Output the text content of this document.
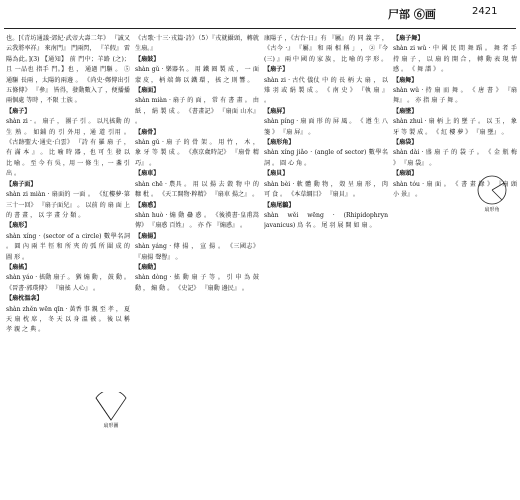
尸部 ⑥画	2421

也。[《青坊通議·郊紀·武帝大壽二年》 『誠又云我將率祥』 來南門』 門兩閃， 『羊假』 雷陽為此。](3) 【通知】 前 門中；羊路 (之)；且 一品也 指手 門。】也 ， 通過 門驅 。 ⑤ 通驅 長兩 ，太陽的兩邊 。 《尚史·鄭傳出引五條傳》 『參』 皆得，發動數入了 ，便播播兩個處 等時 ，不限 士族 。

【扇子】

shàn zi · 。 扇子 ， 團子 引 。 以凡搖動 的 生 熟 。 如鋪 的 引 外用 ，通 道 引用 。 《古跡聖大·通史·白雲》 『詩 有 羅 扇 子 ，有 滿 本 』 。 比 喻 時 器 ，也 可 生 發 以 比 喻 。 至 今 有 吳 ，用 一 條 生 ，一 盞 引 出 。

【扇子面】

shàn zi miàn · 扇面的 一面 。 《紅樓夢·第三十一回》 『扇子面兒』 。 以前 的 扇 面 上 的 書 畫 ， 以 字 畫 分 類 。

【扇形】

shàn xíng · (sector of a circle) 數學名詞 。 圓 內 兩 半 徑 和 所 夾 的 弧 所 圍 成 的 圖 形 。

【扇搖】

shàn yáo · 搖動 扇子 。 猶 煽 動 ， 鼓 動 。 《晉書·郭璞傳》 『扇搖 人心』 。

【扇枕溫衾】

shàn zhěn wēn qīn · 黃香 事 親 至 孝 ， 夏 天 扇 枕 席 ， 冬 天 以 身 溫 被 。 後 以 稱 孝 親 之 典 。

《古歌·十三·戎篇·詩》（5）『戎就攝頭，轉就生扇。』

【扇鼓】

shàn gǔ · 樂器名 。 用 鐵 圈 製 成 ， 一 面 蒙 皮 ， 柄 端 飾 以 鐵 環 ， 搖 之 則 響 。

【扇面】

shàn miàn · 扇子 的 面 ， 常 有 書 畫 。 由 紙 ， 絹 製 成 。 《書畫記》 『扇面 山水』 。

【扇骨】

shàn gǔ · 扇 子 的 骨 架 。 用 竹 ， 木 ， 象 牙 等 製 成 。 《燕京歲時記》 『扇骨 精巧』 。

【扇車】

shàn chē · 農具 。 用 以 揚 去 穀 物 中 的 糠 秕 。 《天工開物·粹精》 『扇車 揚之』 。

【扇惑】

shàn huò · 煽 動 蠱 惑 。 《後漢書·皇甫嵩傳》 『扇惑 百姓』 。 亦 作 『煽惑』 。

【扇揚】

shàn yáng · 傳 揚 ， 宣 揚 。 《三國志》 『扇揚 聲譽』 。

【扇動】

shàn dòng · 搖 動 扇 子 等 。 引 申 為 鼓 動 ， 煽 動 。 《史記》 『扇動 邊民』 。

康陽子 ，《古台·日』有 『屬』 的 同 義 字 ， 《古今 ·』 『屬』 和 兩 相 稱 」 ， ②『今 (三) 』 兩 中 國 的 家 族 ， 比 喻 的 字 形 。

【扇子】

shàn zi · 古代 儀仗 中 的 長 柄 大 扇 ， 以 雉 羽 或 絹 製 成 。 《 南 史 》 『執 扇 』 。

【扇屏】

shàn píng · 扇 面 形 的 屏 風 。 《 遵 生 八 箋 》 『扇 屏』 。

【扇形角】

shàn xíng jiǎo · (angle of sector) 數學名詞 。 圓 心 角 。

【扇貝】

shàn bèi · 軟 體 動 物 ， 殼 呈 扇 形 ， 肉 可 食 。 《本草綱目》 『扇貝』 。

【扇尾鶲】

shàn wěi wēng · (Rhipidophryn javanicus) 鳥 名 。 尾 羽 展 開 如 扇 。

【扇子舞】

shàn zi wǔ · 中 國 民 間 舞 蹈 。 舞 者 手 持 扇 子 ， 以 扇 的 開 合 ， 轉 動 表 現 情 感 。 《 舞 譜 》 。

【扇舞】

shàn wǔ · 持 扇 而 舞 。 《 唐 書 》 『扇 舞』 。 亦 指 扇 子 舞 。

【扇墜】

shàn zhuì · 扇 柄 上 的 墜 子 。 以 玉 ， 象 牙 等 製 成 。 《 紅 樓 夢 》 『扇 墜』 。

【扇袋】

shàn dài · 盛 扇 子 的 袋 子 。 《 金 瓶 梅 》 『扇 袋』 。

【扇頭】

shàn tóu · 扇 面 。 《 書 畫 錄 》 『扇 頭 小 景』 。

扇形圖
扇形角
